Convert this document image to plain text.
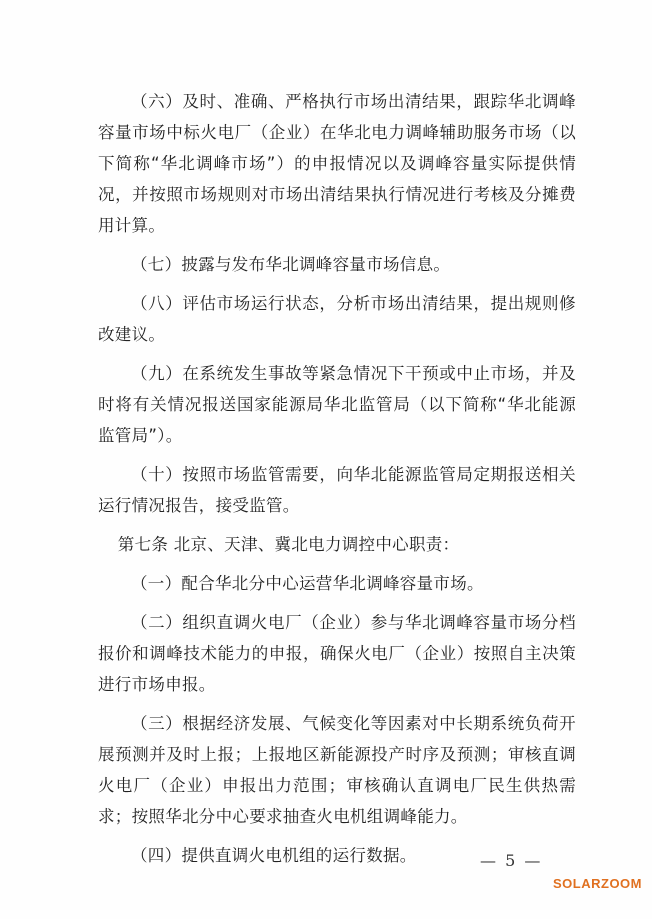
（六）及时、准确、严格执行市场出清结果，跟踪华北调峰容量市场中标火电厂（企业）在华北电力调峰辅助服务市场（以下简称“华北调峰市场”）的申报情况以及调峰容量实际提供情况，并按照市场规则对市场出清结果执行情况进行考核及分摊费用计算。

（七）披露与发布华北调峰容量市场信息。

（八）评估市场运行状态，分析市场出清结果，提出规则修改建议。

（九）在系统发生事故等紧急情况下干预或中止市场，并及时将有关情况报送国家能源局华北监管局（以下简称“华北能源监管局”）。

（十）按照市场监管需要，向华北能源监管局定期报送相关运行情况报告，接受监管。

第七条 北京、天津、冀北电力调控中心职责：

（一）配合华北分中心运营华北调峰容量市场。

（二）组织直调火电厂（企业）参与华北调峰容量市场分档报价和调峰技术能力的申报，确保火电厂（企业）按照自主决策进行市场申报。

（三）根据经济发展、气候变化等因素对中长期系统负荷开展预测并及时上报；上报地区新能源投产时序及预测；审核直调火电厂（企业）申报出力范围；审核确认直调电厂民生供热需求；按照华北分中心要求抽查火电机组调峰能力。

（四）提供直调火电机组的运行数据。	— 5 —
SOLARZOOM
